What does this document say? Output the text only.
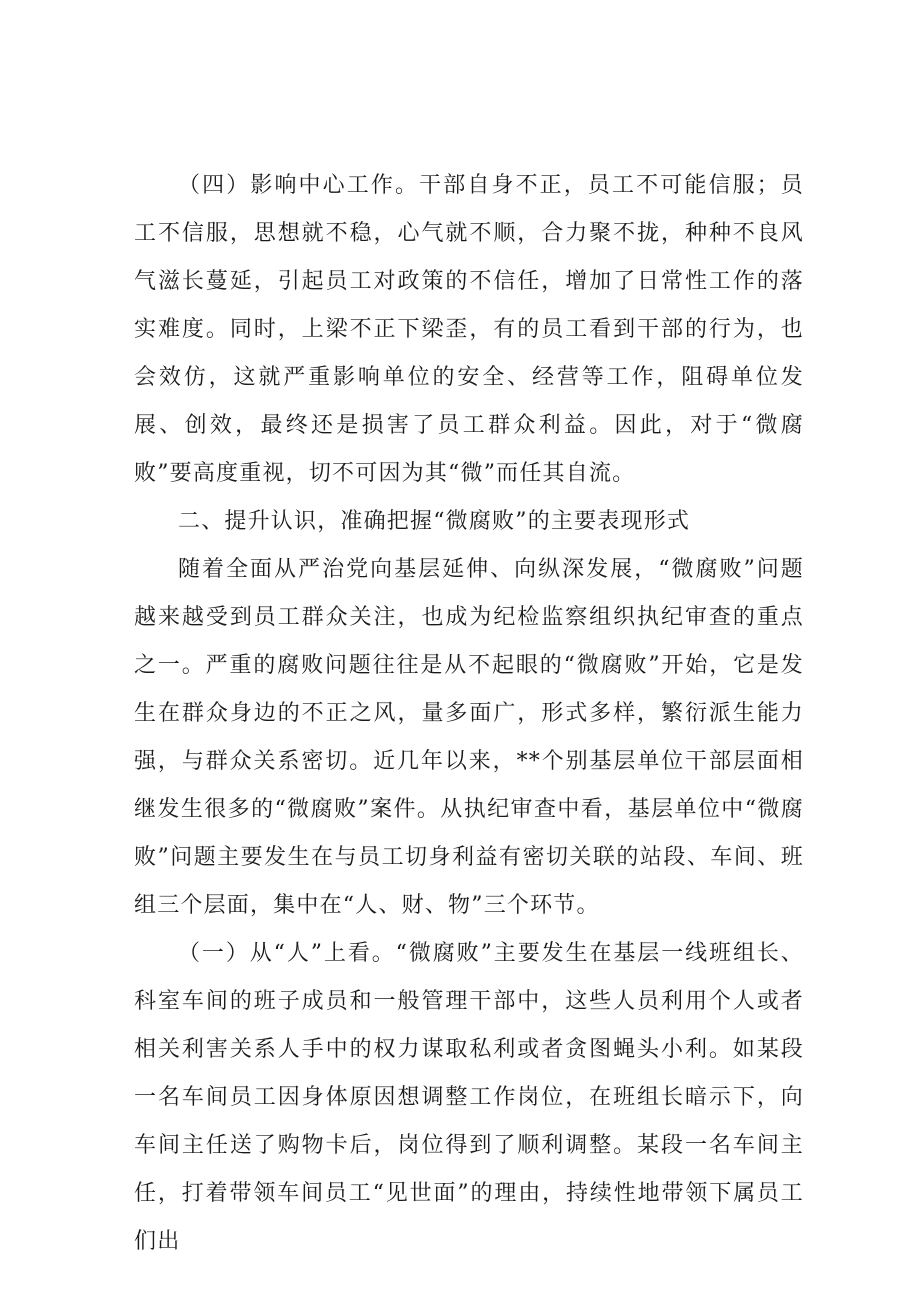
（四）影响中心工作。干部自身不正，员工不可能信服；员工不信服，思想就不稳，心气就不顺，合力聚不拢，种种不良风气滋长蔓延，引起员工对政策的不信任，增加了日常性工作的落实难度。同时，上梁不正下梁歪，有的员工看到干部的行为，也会效仿，这就严重影响单位的安全、经营等工作，阻碍单位发展、创效，最终还是损害了员工群众利益。因此，对于“微腐败”要高度重视，切不可因为其“微”而任其自流。

二、提升认识，准确把握“微腐败”的主要表现形式

随着全面从严治党向基层延伸、向纵深发展，“微腐败”问题越来越受到员工群众关注，也成为纪检监察组织执纪审查的重点之一。严重的腐败问题往往是从不起眼的“微腐败”开始，它是发生在群众身边的不正之风，量多面广，形式多样，繁衍派生能力强，与群众关系密切。近几年以来，**个别基层单位干部层面相继发生很多的“微腐败”案件。从执纪审查中看，基层单位中“微腐败”问题主要发生在与员工切身利益有密切关联的站段、车间、班组三个层面，集中在“人、财、物”三个环节。

（一）从“人”上看。“微腐败”主要发生在基层一线班组长、科室车间的班子成员和一般管理干部中，这些人员利用个人或者相关利害关系人手中的权力谋取私利或者贪图蝇头小利。如某段一名车间员工因身体原因想调整工作岗位，在班组长暗示下，向车间主任送了购物卡后，岗位得到了顺利调整。某段一名车间主任，打着带领车间员工“见世面”的理由，持续性地带领下属员工们出
